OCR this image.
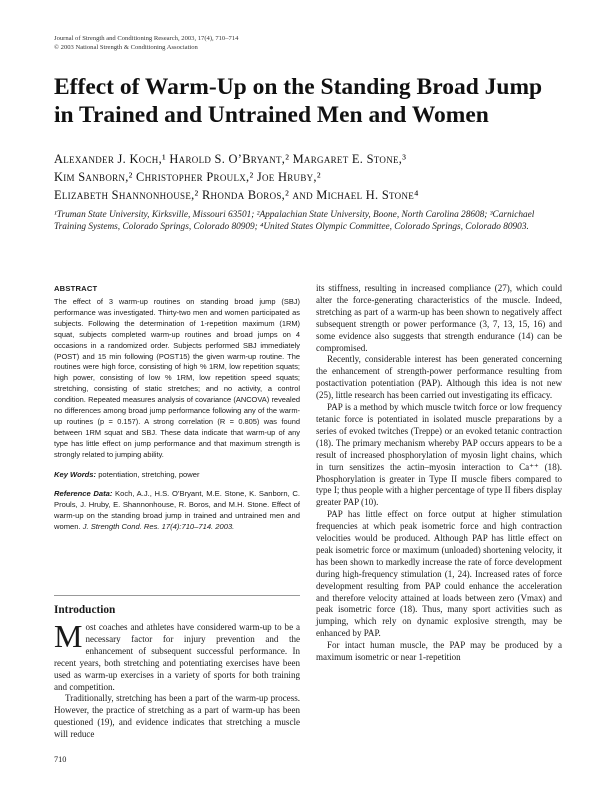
Journal of Strength and Conditioning Research, 2003, 17(4), 710–714
© 2003 National Strength & Conditioning Association
Effect of Warm-Up on the Standing Broad Jump
in Trained and Untrained Men and Women
Alexander J. Koch,¹ Harold S. O’Bryant,² Margaret E. Stone,³
Kim Sanborn,² Christopher Proulx,² Joe Hruby,²
Elizabeth Shannonhouse,² Rhonda Boros,² and Michael H. Stone⁴
¹Truman State University, Kirksville, Missouri 63501; ²Appalachian State University, Boone, North Carolina 28608; ³Carnichael Training Systems, Colorado Springs, Colorado 80909; ⁴United States Olympic Committee, Colorado Springs, Colorado 80903.

ABSTRACT

The effect of 3 warm-up routines on standing broad jump (SBJ) performance was investigated. Thirty-two men and women participated as subjects. Following the determination of 1-repetition maximum (1RM) squat, subjects completed warm-up routines and broad jumps on 4 occasions in a randomized order. Subjects performed SBJ immediately (POST) and 15 min following (POST15) the given warm-up routine. The routines were high force, consisting of high % 1RM, low repetition squats; high power, consisting of low % 1RM, low repetition speed squats; stretching, consisting of static stretches; and no activity, a control condition. Repeated measures analysis of covariance (ANCOVA) revealed no differences among broad jump performance following any of the warm-up routines (p = 0.157). A strong correlation (R = 0.805) was found between 1RM squat and SBJ. These data indicate that warm-up of any type has little effect on jump performance and that maximum strength is strongly related to jumping ability.

Key Words: potentiation, stretching, power

Reference Data: Koch, A.J., H.S. O’Bryant, M.E. Stone, K. Sanborn, C. Prouls, J. Hruby, E. Shannonhouse, R. Boros, and M.H. Stone. Effect of warm-up on the standing broad jump in trained and untrained men and women. J. Strength Cond. Res. 17(4):710–714. 2003.

Introduction

M ost coaches and athletes have considered warm-up to be a necessary factor for injury prevention and the enhancement of subsequent successful performance. In recent years, both stretching and potentiating exercises have been used as warm-up exercises in a variety of sports for both training and competition.

Traditionally, stretching has been a part of the warm-up process. However, the practice of stretching as a part of warm-up has been questioned (19), and evidence indicates that stretching a muscle will reduce

its stiffness, resulting in increased compliance (27), which could alter the force-generating characteristics of the muscle. Indeed, stretching as part of a warm-up has been shown to negatively affect subsequent strength or power performance (3, 7, 13, 15, 16) and some evidence also suggests that strength endurance (14) can be compromised.

Recently, considerable interest has been generated concerning the enhancement of strength-power performance resulting from postactivation potentiation (PAP). Although this idea is not new (25), little research has been carried out investigating its efficacy.

PAP is a method by which muscle twitch force or low frequency tetanic force is potentiated in isolated muscle preparations by a series of evoked twitches (Treppe) or an evoked tetanic contraction (18). The primary mechanism whereby PAP occurs appears to be a result of increased phosphorylation of myosin light chains, which in turn sensitizes the actin–myosin interaction to Ca⁺⁺ (18). Phosphorylation is greater in Type II muscle fibers compared to type I; thus people with a higher percentage of type II fibers display greater PAP (10).

PAP has little effect on force output at higher stimulation frequencies at which peak isometric force and high contraction velocities would be produced. Although PAP has little effect on peak isometric force or maximum (unloaded) shortening velocity, it has been shown to markedly increase the rate of force development during high-frequency stimulation (1, 24). Increased rates of force development resulting from PAP could enhance the acceleration and therefore velocity attained at loads between zero (Vmax) and peak isometric force (18). Thus, many sport activities such as jumping, which rely on dynamic explosive strength, may be enhanced by PAP.

For intact human muscle, the PAP may be produced by a maximum isometric or near 1-repetition

710
